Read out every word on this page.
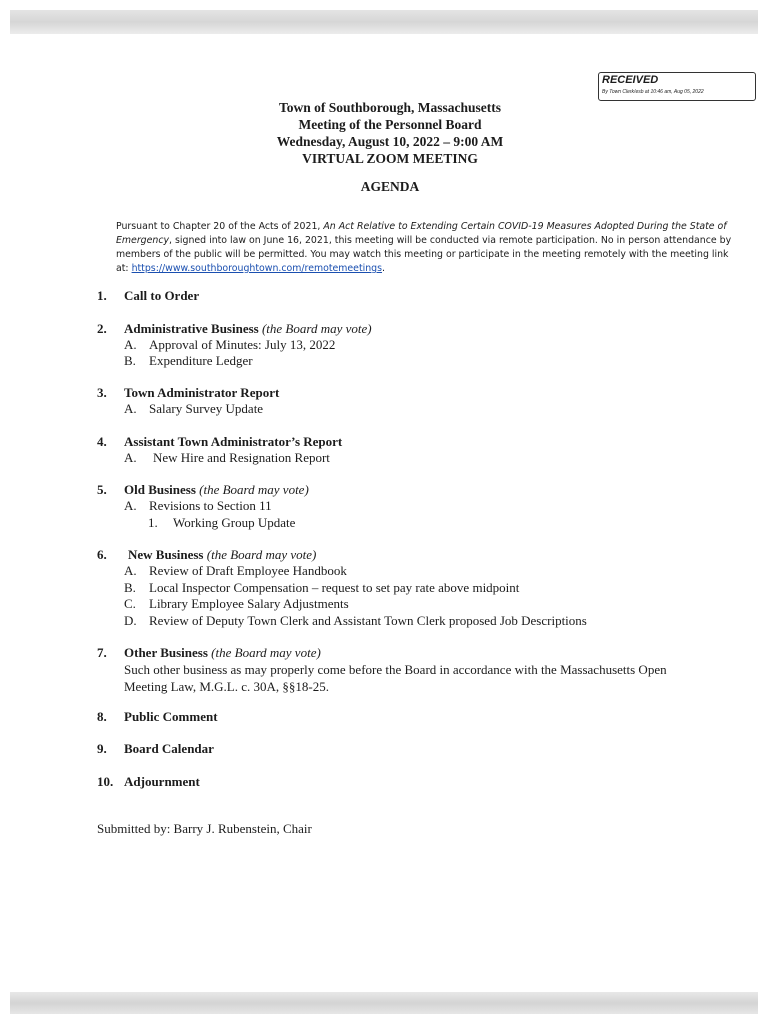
RECEIVED
By Town Clerk/esb at 10:46 am, Aug 05, 2022
Town of Southborough, Massachusetts
Meeting of the Personnel Board
Wednesday, August 10, 2022 – 9:00 AM
VIRTUAL ZOOM MEETING
AGENDA
Pursuant to Chapter 20 of the Acts of 2021, An Act Relative to Extending Certain COVID-19 Measures Adopted During the State of Emergency, signed into law on June 16, 2021, this meeting will be conducted via remote participation. No in person attendance by members of the public will be permitted. You may watch this meeting or participate in the meeting remotely with the meeting link at: https://www.southboroughtown.com/remotemeetings.
1. Call to Order
2. Administrative Business (the Board may vote)
A. Approval of Minutes: July 13, 2022
B. Expenditure Ledger
3. Town Administrator Report
A. Salary Survey Update
4. Assistant Town Administrator’s Report
A. New Hire and Resignation Report
5. Old Business (the Board may vote)
A. Revisions to Section 11
1. Working Group Update
6. New Business (the Board may vote)
A. Review of Draft Employee Handbook
B. Local Inspector Compensation – request to set pay rate above midpoint
C. Library Employee Salary Adjustments
D. Review of Deputy Town Clerk and Assistant Town Clerk proposed Job Descriptions
7. Other Business (the Board may vote)
Such other business as may properly come before the Board in accordance with the Massachusetts Open Meeting Law, M.G.L. c. 30A, §§18-25.
8. Public Comment
9. Board Calendar
10. Adjournment
Submitted by: Barry J. Rubenstein, Chair
